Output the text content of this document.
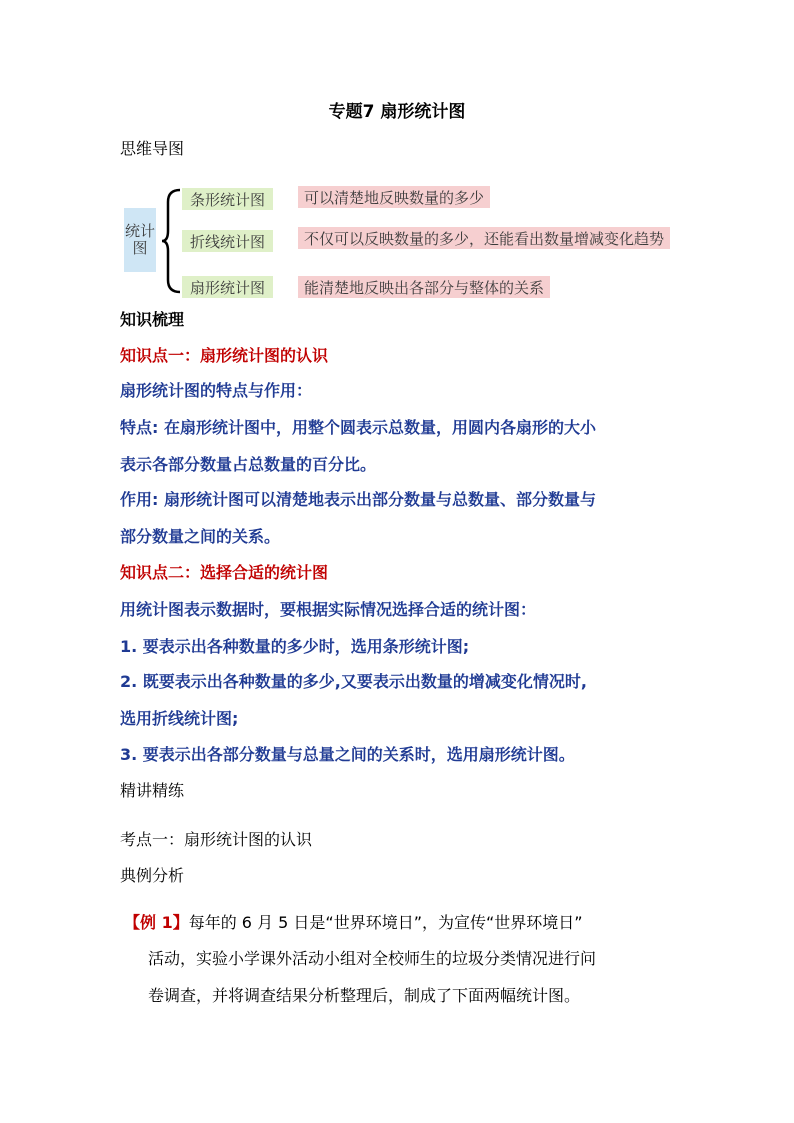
专题7 扇形统计图
思维导图
统计图
条形统计图	可以清楚地反映数量的多少
折线统计图	不仅可以反映数量的多少，还能看出数量增减变化趋势
扇形统计图	能清楚地反映出各部分与整体的关系
知识梳理
知识点一：扇形统计图的认识
扇形统计图的特点与作用：
特点: 在扇形统计图中，用整个圆表示总数量，用圆内各扇形的大小
表示各部分数量占总数量的百分比。
作用: 扇形统计图可以清楚地表示出部分数量与总数量、部分数量与
部分数量之间的关系。
知识点二：选择合适的统计图
用统计图表示数据时，要根据实际情况选择合适的统计图：
1. 要表示出各种数量的多少时，选用条形统计图;
2. 既要表示出各种数量的多少,又要表示出数量的增减变化情况时,
选用折线统计图;
3. 要表示出各部分数量与总量之间的关系时，选用扇形统计图。
精讲精练
考点一：扇形统计图的认识
典例分析
【例 1】每年的 6 月 5 日是“世界环境日”，为宣传“世界环境日”
活动，实验小学课外活动小组对全校师生的垃圾分类情况进行问
卷调查，并将调查结果分析整理后，制成了下面两幅统计图。
